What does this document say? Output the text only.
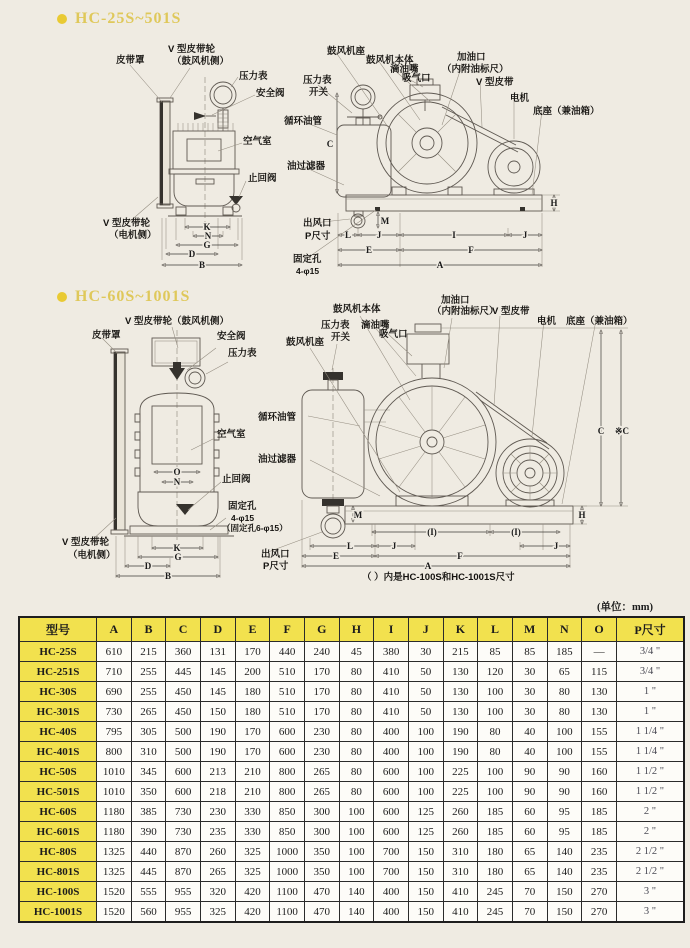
HC-25S~501S
K
N
G
D
B
C
M
H
L	J	I	J
E	F
A
皮带罩
V 型皮带轮
（鼓风机侧）
压力表
安全阀
空气室
止回阀
V 型皮带轮
（电机侧）
鼓风机座
鼓风机本体
滴油嘴
吸气口
加油口
（内附油标尺）
V 型皮带
电机
底座（兼油箱）
压力表
开关
循环油管
油过滤器
出风口
P尺寸
固定孔
4-φ15
HC-60S~1001S
O
N
K
G
D
B
M	H
C ※C
(I)	(I)
L	J	J
E	F
A
V 型皮带轮（鼓风机侧）
皮带罩	安全阀
压力表
空气室
止回阀
固定孔
4-φ15
（固定孔6-φ15）
V 型皮带轮
（电机侧）
鼓风机座
压力表
开关
鼓风机本体
滴油嘴
吸气口
加油口
（内附油标尺）
V 型皮带
电机 底座（兼油箱）
循环油管
油过滤器
出风口
P尺寸
（ ）内是HC-100S和HC-1001S尺寸
(单位：mm)
型号	A	B	C	D	E	F	G	H	I	J	K	L	M	N	O	P尺寸
HC-25S	610	215	360	131	170	440	240	45	380	30	215	85	85	185	—	3/4 "
HC-251S	710	255	445	145	200	510	170	80	410	50	130	120	30	65	115	3/4 "
HC-30S	690	255	450	145	180	510	170	80	410	50	130	100	30	80	130	1 "
HC-301S	730	265	450	150	180	510	170	80	410	50	130	100	30	80	130	1 "
HC-40S	795	305	500	190	170	600	230	80	400	100	190	80	40	100	155	1 1/4 "
HC-401S	800	310	500	190	170	600	230	80	400	100	190	80	40	100	155	1 1/4 "
HC-50S	1010	345	600	213	210	800	265	80	600	100	225	100	90	90	160	1 1/2 "
HC-501S	1010	350	600	218	210	800	265	80	600	100	225	100	90	90	160	1 1/2 "
HC-60S	1180	385	730	230	330	850	300	100	600	125	260	185	60	95	185	2 "
HC-601S	1180	390	730	235	330	850	300	100	600	125	260	185	60	95	185	2 "
HC-80S	1325	440	870	260	325	1000	350	100	700	150	310	180	65	140	235	2 1/2 "
HC-801S	1325	445	870	265	325	1000	350	100	700	150	310	180	65	140	235	2 1/2 "
HC-100S	1520	555	955	320	420	1100	470	140	400	150	410	245	70	150	270	3 "
HC-1001S	1520	560	955	325	420	1100	470	140	400	150	410	245	70	150	270	3 "
